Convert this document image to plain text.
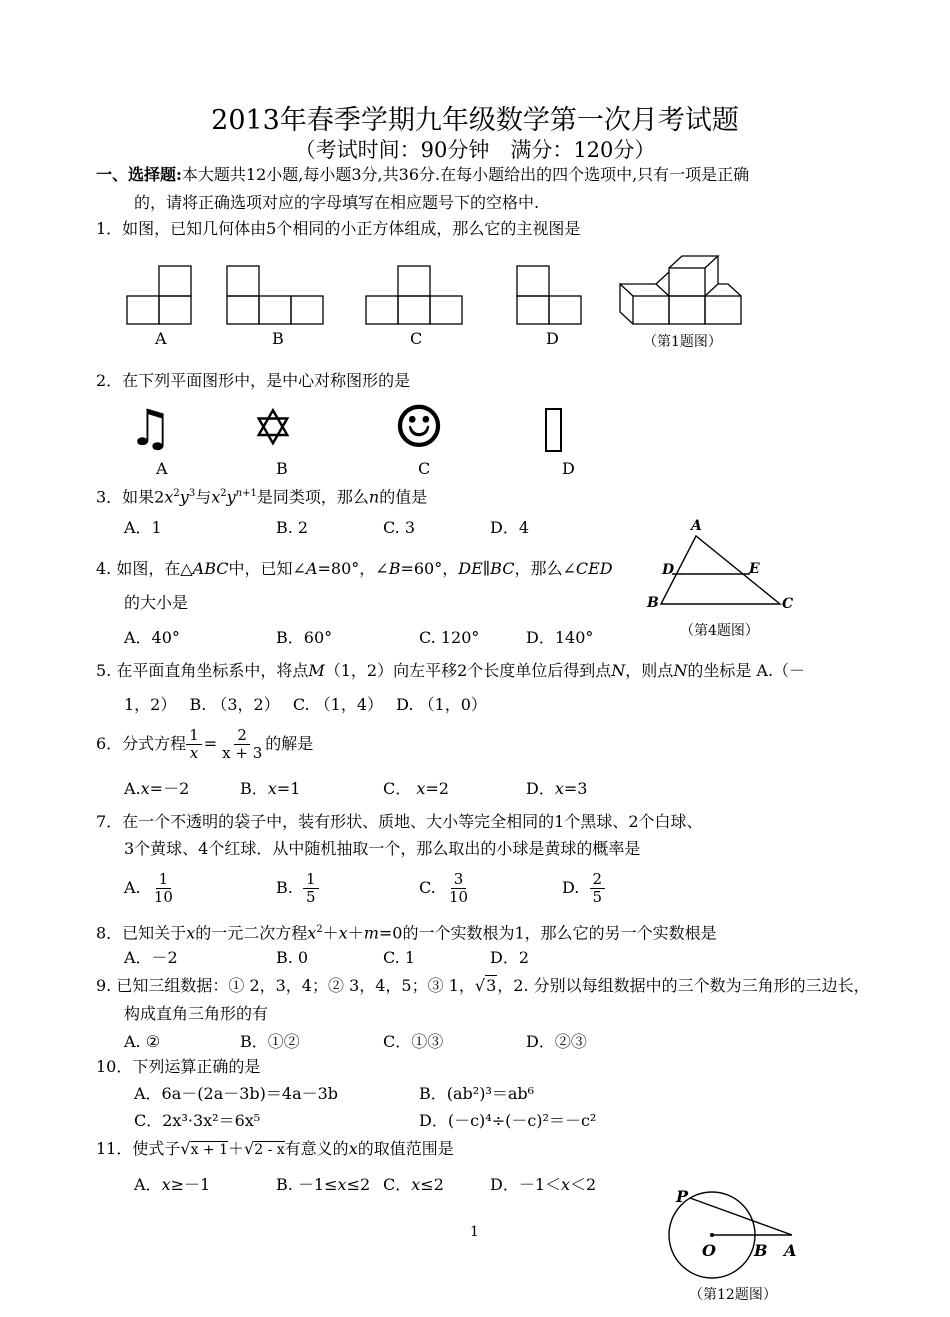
2013年春季学期九年级数学第一次月考试题
（考试时间：90分钟　满分：120分）
一、选择题:本大题共12小题,每小题3分,共36分.在每小题给出的四个选项中,只有一项是正确
的，请将正确选项对应的字母填写在相应题号下的空格中.
1．如图，已知几何体由5个相同的小正方体组成，那么它的主视图是
A	B	C	D	（第1题图）
2．在下列平面图形中，是中心对称图形的是
♫ ✡ ☺
A	B	C	D
3．如果$2x^2y^3$与$x^2y^{n+1}$是同类项，那么n的值是
A．1	B. 2	C. 3	D．4
4. 如图，在△ABC中，已知∠A=80°，∠B=60°，DE∥BC，那么∠CED
的大小是
A．40°	B．60°	C. 120°	D．140°
A
D	E
B	C
（第4题图）
5. 在平面直角坐标系中，将点M（1，2）向左平移2个长度单位后得到点N，则点N的坐标是 A.（－
1，2）　 B. （3，2）　 C. （1，4）　 D. （1，0）
6．分式方程 $\frac{1}{x} = \frac{2}{x + 3}$ 的解是
A.x=－2	B．x=1	C． x=2	D．x=3
7．在一个不透明的袋子中，装有形状、质地、大小等完全相同的1个黑球、2个白球、
3个黄球、4个红球．从中随机抽取一个，那么取出的小球是黄球的概率是
A.
$\frac{1}{10}$	B.
$\frac{1}{5}$	C.
$\frac{3}{10}$	D.
$\frac{2}{5}$
8．已知关于x的一元二次方程$x^2+x+m=0$的一个实数根为1，那么它的另一个实数根是
A．－2	B. 0	C. 1	D．2
9. 已知三组数据：① 2，3，4；② 3，4，5；③ 1，√3，2. 分别以每组数据中的三个数为三角形的三边长，
构成直角三角形的有
A. ②	B．①②	C．①③	D．②③
10．下列运算正确的是
A．6a－(2a－3b)＝4a－3b	B．(ab²)³＝ab⁶
C．2x³·3x²＝6x⁵	D．(－c)⁴÷(－c)²＝－c²
11．使式子√x + 1＋√2 - x有意义的x的取值范围是
A．x≥－1	B. －1≤x≤2 C．x≤2	D．－1＜x＜2
P
O B A
（第12题图）
1
